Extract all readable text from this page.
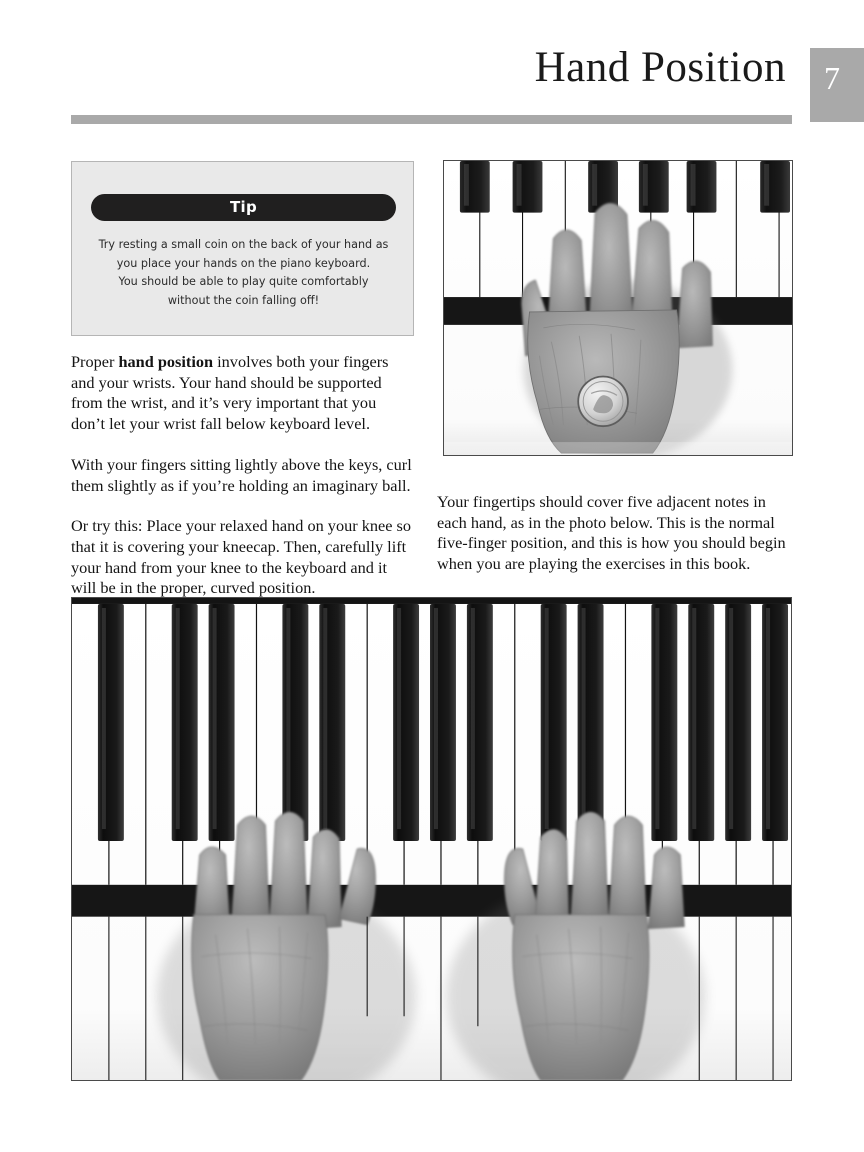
Hand Position 7
Tip
Try resting a small coin on the back of your hand as
you place your hands on the piano keyboard.
You should be able to play quite comfortably
without the coin falling off!

Proper hand position involves both your fingers and your wrists. Your hand should be supported from the wrist, and it’s very important that you don’t let your wrist fall below keyboard level.

With your fingers sitting lightly above the keys, curl them slightly as if you’re holding an imaginary ball.

Or try this: Place your relaxed hand on your knee so that it is covering your kneecap. Then, carefully lift your hand from your knee to the keyboard and it will be in the proper, curved position.

Your fingertips should cover five adjacent notes in each hand, as in the photo below. This is the normal five-finger position, and this is how you should begin when you are playing the exercises in this book.
